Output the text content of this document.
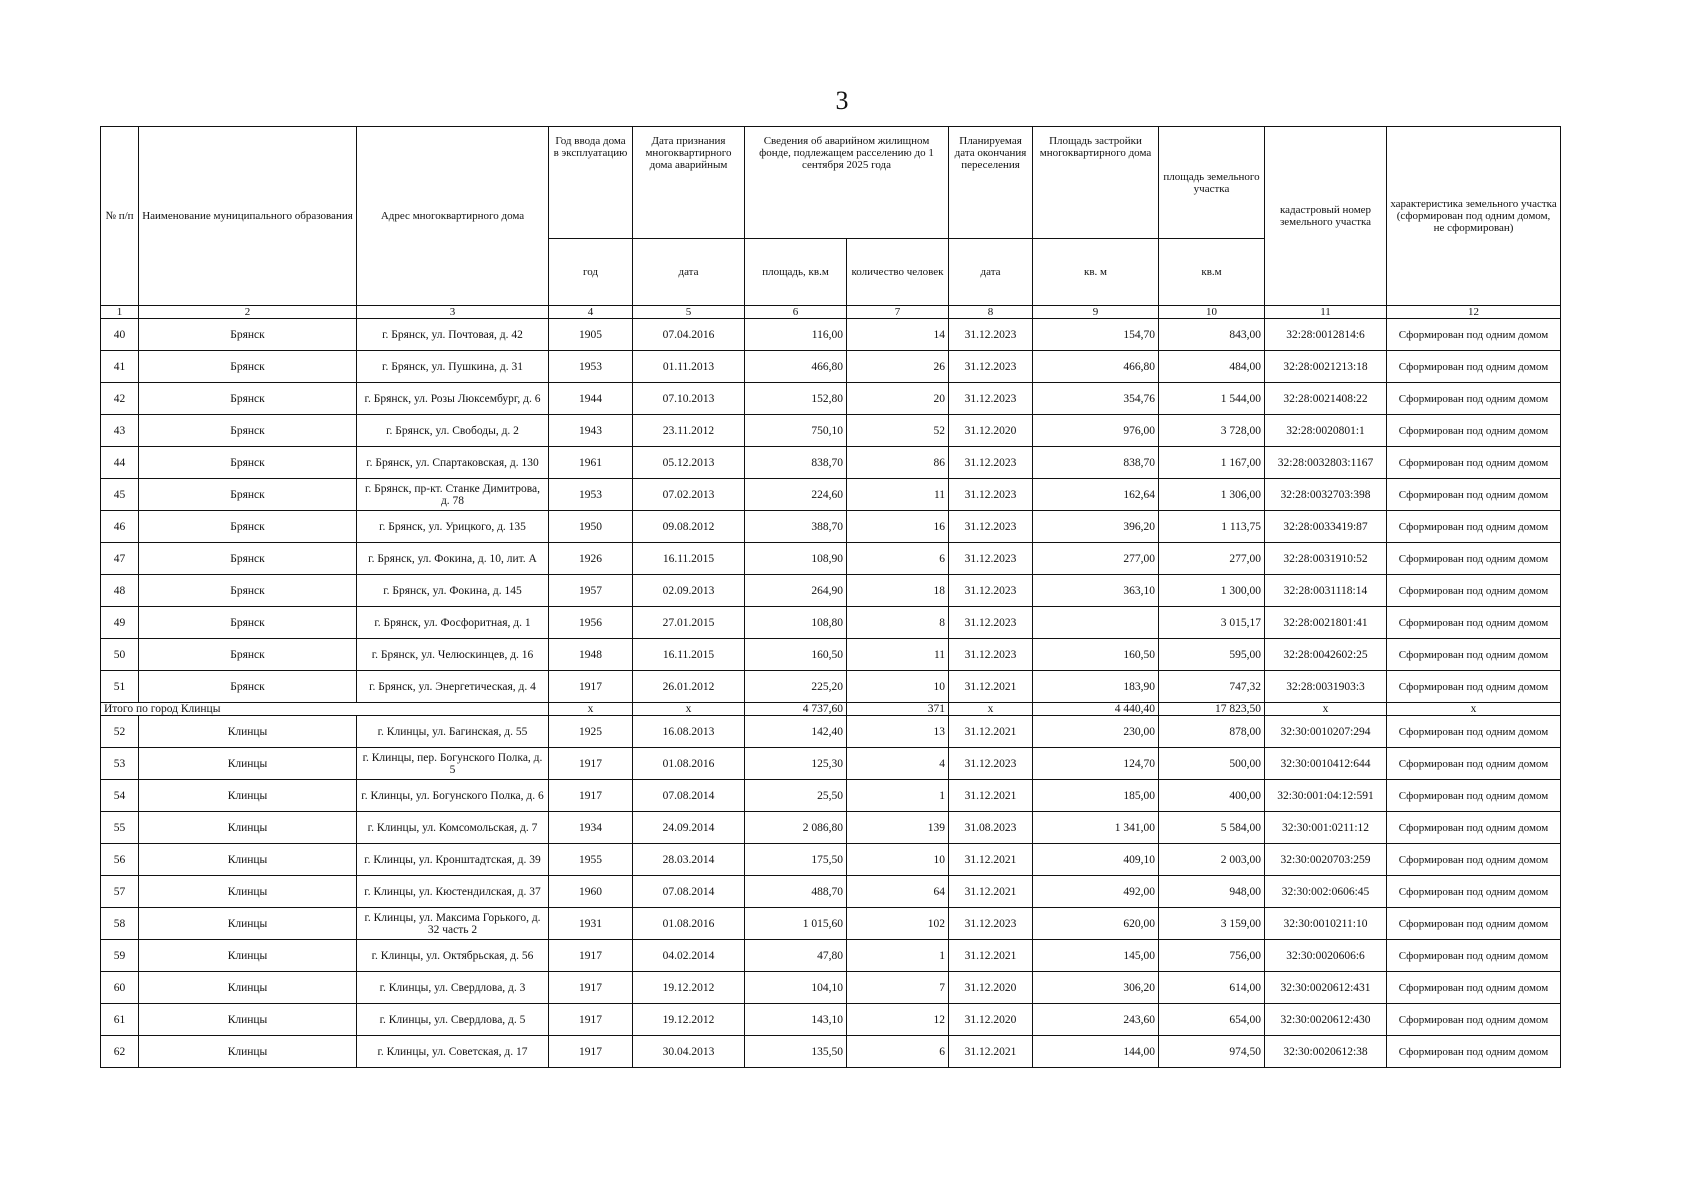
3
№ п/п	Наименование муниципального образования	Адрес многоквартирного дома	Год ввода дома в эксплуатацию	Дата признания многоквартирного дома аварийным	Сведения об аварийном жилищном фонде, подлежащем расселению до 1 сентября 2025 года		Планируемая дата окончания переселения	Площадь застройки многоквартирного дома	площадь земельного участка	кадастровый номер земельного участка	характеристика земельного участка (сформирован под одним домом, не сформирован)
			год	дата	площадь, кв.м	количество человек	дата	кв. м	кв.м		
1	2	3	4	5	6	7	8	9	10	11	12
40	Брянск	г. Брянск, ул. Почтовая, д. 42	1905	07.04.2016	116,00	14	31.12.2023	154,70	843,00	32:28:0012814:6	Сформирован под одним домом
41	Брянск	г. Брянск, ул. Пушкина, д. 31	1953	01.11.2013	466,80	26	31.12.2023	466,80	484,00	32:28:0021213:18	Сформирован под одним домом
42	Брянск	г. Брянск, ул. Розы Люксембург, д. 6	1944	07.10.2013	152,80	20	31.12.2023	354,76	1 544,00	32:28:0021408:22	Сформирован под одним домом
43	Брянск	г. Брянск, ул. Свободы, д. 2	1943	23.11.2012	750,10	52	31.12.2020	976,00	3 728,00	32:28:0020801:1	Сформирован под одним домом
44	Брянск	г. Брянск, ул. Спартаковская, д. 130	1961	05.12.2013	838,70	86	31.12.2023	838,70	1 167,00	32:28:0032803:1167	Сформирован под одним домом
45	Брянск	г. Брянск, пр-кт. Станке Димитрова, д. 78	1953	07.02.2013	224,60	11	31.12.2023	162,64	1 306,00	32:28:0032703:398	Сформирован под одним домом
46	Брянск	г. Брянск, ул. Урицкого, д. 135	1950	09.08.2012	388,70	16	31.12.2023	396,20	1 113,75	32:28:0033419:87	Сформирован под одним домом
47	Брянск	г. Брянск, ул. Фокина, д. 10, лит. А	1926	16.11.2015	108,90	6	31.12.2023	277,00	277,00	32:28:0031910:52	Сформирован под одним домом
48	Брянск	г. Брянск, ул. Фокина, д. 145	1957	02.09.2013	264,90	18	31.12.2023	363,10	1 300,00	32:28:0031118:14	Сформирован под одним домом
49	Брянск	г. Брянск, ул. Фосфоритная, д. 1	1956	27.01.2015	108,80	8	31.12.2023		3 015,17	32:28:0021801:41	Сформирован под одним домом
50	Брянск	г. Брянск, ул. Челюскинцев, д. 16	1948	16.11.2015	160,50	11	31.12.2023	160,50	595,00	32:28:0042602:25	Сформирован под одним домом
51	Брянск	г. Брянск, ул. Энергетическая, д. 4	1917	26.01.2012	225,20	10	31.12.2021	183,90	747,32	32:28:0031903:3	Сформирован под одним домом
Итого по город Клинцы			x	x	4 737,60	371	x	4 440,40	17 823,50	x	x
52	Клинцы	г. Клинцы, ул. Багинская, д. 55	1925	16.08.2013	142,40	13	31.12.2021	230,00	878,00	32:30:0010207:294	Сформирован под одним домом
53	Клинцы	г. Клинцы, пер. Богунского Полка, д. 5	1917	01.08.2016	125,30	4	31.12.2023	124,70	500,00	32:30:0010412:644	Сформирован под одним домом
54	Клинцы	г. Клинцы, ул. Богунского Полка, д. 6	1917	07.08.2014	25,50	1	31.12.2021	185,00	400,00	32:30:001:04:12:591	Сформирован под одним домом
55	Клинцы	г. Клинцы, ул. Комсомольская, д. 7	1934	24.09.2014	2 086,80	139	31.08.2023	1 341,00	5 584,00	32:30:001:0211:12	Сформирован под одним домом
56	Клинцы	г. Клинцы, ул. Кронштадтская, д. 39	1955	28.03.2014	175,50	10	31.12.2021	409,10	2 003,00	32:30:0020703:259	Сформирован под одним домом
57	Клинцы	г. Клинцы, ул. Кюстендилская, д. 37	1960	07.08.2014	488,70	64	31.12.2021	492,00	948,00	32:30:002:0606:45	Сформирован под одним домом
58	Клинцы	г. Клинцы, ул. Максима Горького, д. 32 часть 2	1931	01.08.2016	1 015,60	102	31.12.2023	620,00	3 159,00	32:30:0010211:10	Сформирован под одним домом
59	Клинцы	г. Клинцы, ул. Октябрьская, д. 56	1917	04.02.2014	47,80	1	31.12.2021	145,00	756,00	32:30:0020606:6	Сформирован под одним домом
60	Клинцы	г. Клинцы, ул. Свердлова, д. 3	1917	19.12.2012	104,10	7	31.12.2020	306,20	614,00	32:30:0020612:431	Сформирован под одним домом
61	Клинцы	г. Клинцы, ул. Свердлова, д. 5	1917	19.12.2012	143,10	12	31.12.2020	243,60	654,00	32:30:0020612:430	Сформирован под одним домом
62	Клинцы	г. Клинцы, ул. Советская, д. 17	1917	30.04.2013	135,50	6	31.12.2021	144,00	974,50	32:30:0020612:38	Сформирован под одним домом
